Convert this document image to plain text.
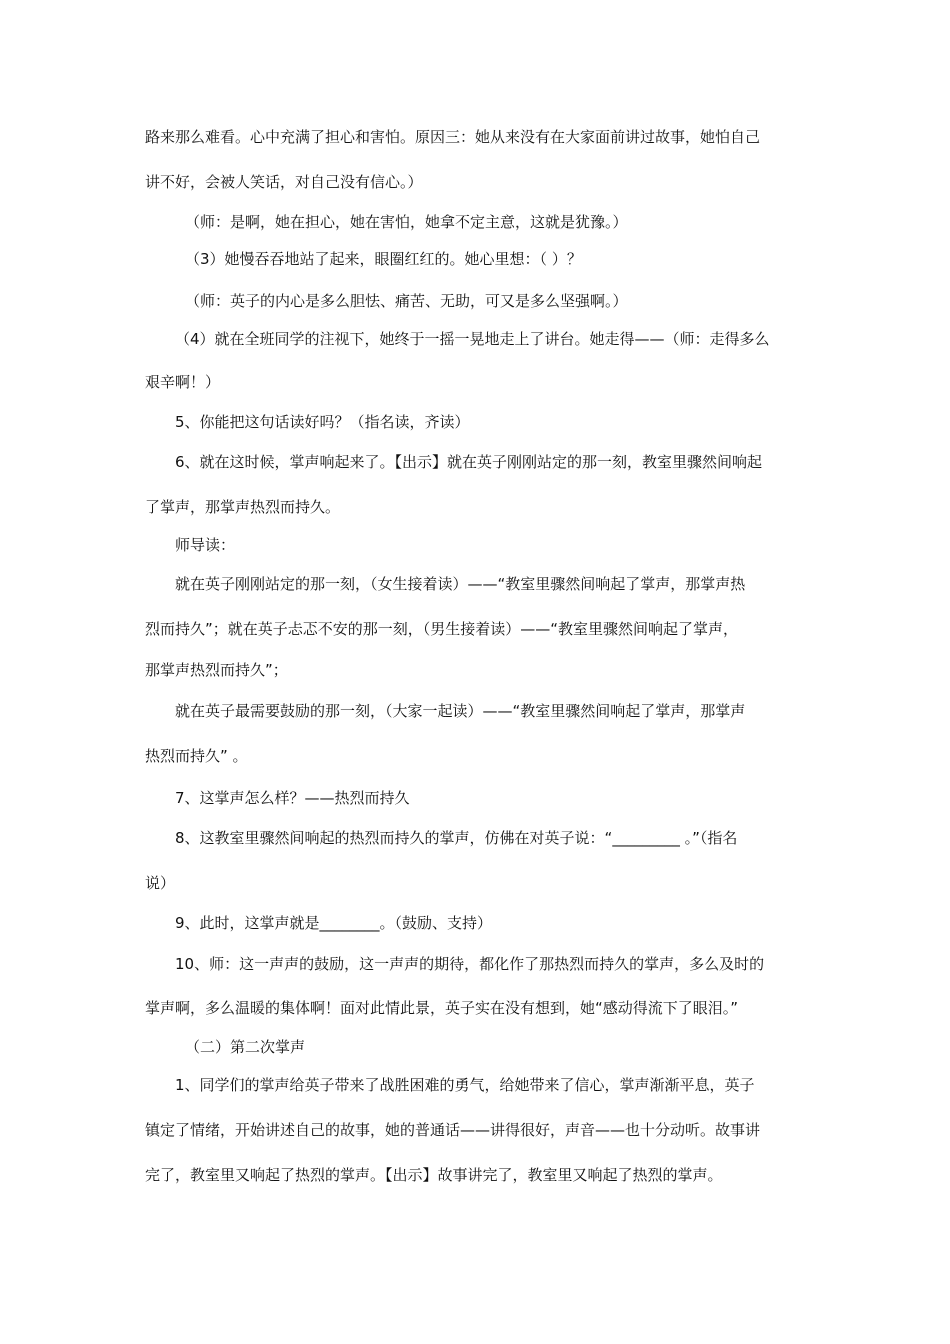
路来那么难看。心中充满了担心和害怕。原因三：她从来没有在大家面前讲过故事，她怕自己
讲不好，会被人笑话，对自己没有信心。）
（师：是啊，她在担心，她在害怕，她拿不定主意，这就是犹豫。）
（3）她慢吞吞地站了起来，眼圈红红的。她心里想：（ ）？
（师：英子的内心是多么胆怯、痛苦、无助，可又是多么坚强啊。）
（4）就在全班同学的注视下，她终于一摇一晃地走上了讲台。她走得——（师：走得多么
艰辛啊！）
5、你能把这句话读好吗？（指名读，齐读）
6、就在这时候，掌声响起来了。【出示】就在英子刚刚站定的那一刻，教室里骤然间响起
了掌声，那掌声热烈而持久。
师导读：
就在英子刚刚站定的那一刻，（女生接着读）——“教室里骤然间响起了掌声，那掌声热
烈而持久”；就在英子忐忑不安的那一刻，（男生接着读）——“教室里骤然间响起了掌声，
那掌声热烈而持久”；
就在英子最需要鼓励的那一刻，（大家一起读）——“教室里骤然间响起了掌声，那掌声
热烈而持久” 。
7、这掌声怎么样？——热烈而持久
8、这教室里骤然间响起的热烈而持久的掌声，仿佛在对英子说：“_________ 。”（指名
说）
9、此时，这掌声就是________。（鼓励、支持）
10、师：这一声声的鼓励，这一声声的期待，都化作了那热烈而持久的掌声，多么及时的
掌声啊，多么温暖的集体啊！面对此情此景，英子实在没有想到，她“感动得流下了眼泪。”
（二）第二次掌声
1、同学们的掌声给英子带来了战胜困难的勇气，给她带来了信心，掌声渐渐平息，英子
镇定了情绪，开始讲述自己的故事，她的普通话——讲得很好，声音——也十分动听。故事讲
完了，教室里又响起了热烈的掌声。【出示】故事讲完了，教室里又响起了热烈的掌声。
